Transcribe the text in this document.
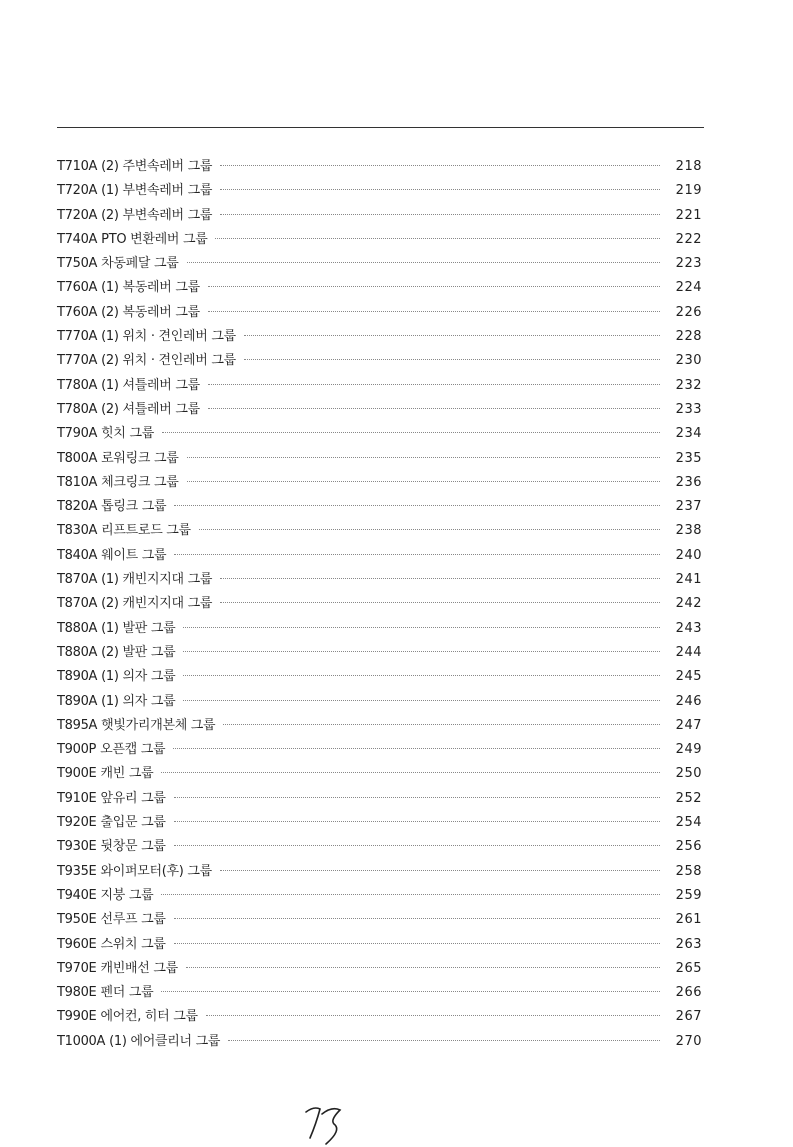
T710A (2) 주변속레버 그룹	218
T720A (1) 부변속레버 그룹	219
T720A (2) 부변속레버 그룹	221
T740A PTO 변환레버 그룹	222
T750A 차동페달 그룹	223
T760A (1) 복동레버 그룹	224
T760A (2) 복동레버 그룹	226
T770A (1) 위치 · 견인레버 그룹	228
T770A (2) 위치 · 견인레버 그룹	230
T780A (1) 셔틀레버 그룹	232
T780A (2) 셔틀레버 그룹	233
T790A 힛치 그룹	234
T800A 로워링크 그룹	235
T810A 체크링크 그룹	236
T820A 톱링크 그룹	237
T830A 리프트로드 그룹	238
T840A 웨이트 그룹	240
T870A (1) 캐빈지지대 그룹	241
T870A (2) 캐빈지지대 그룹	242
T880A (1) 발판 그룹	243
T880A (2) 발판 그룹	244
T890A (1) 의자 그룹	245
T890A (1) 의자 그룹	246
T895A 햇빛가리개본체 그룹	247
T900P 오픈캡 그룹	249
T900E 캐빈 그룹	250
T910E 앞유리 그룹	252
T920E 출입문 그룹	254
T930E 뒷창문 그룹	256
T935E 와이퍼모터(후) 그룹	258
T940E 지붕 그룹	259
T950E 선루프 그룹	261
T960E 스위치 그룹	263
T970E 캐빈배선 그룹	265
T980E 펜더 그룹	266
T990E 에어컨, 히터 그룹	267
T1000A (1) 에어클리너 그룹	270
